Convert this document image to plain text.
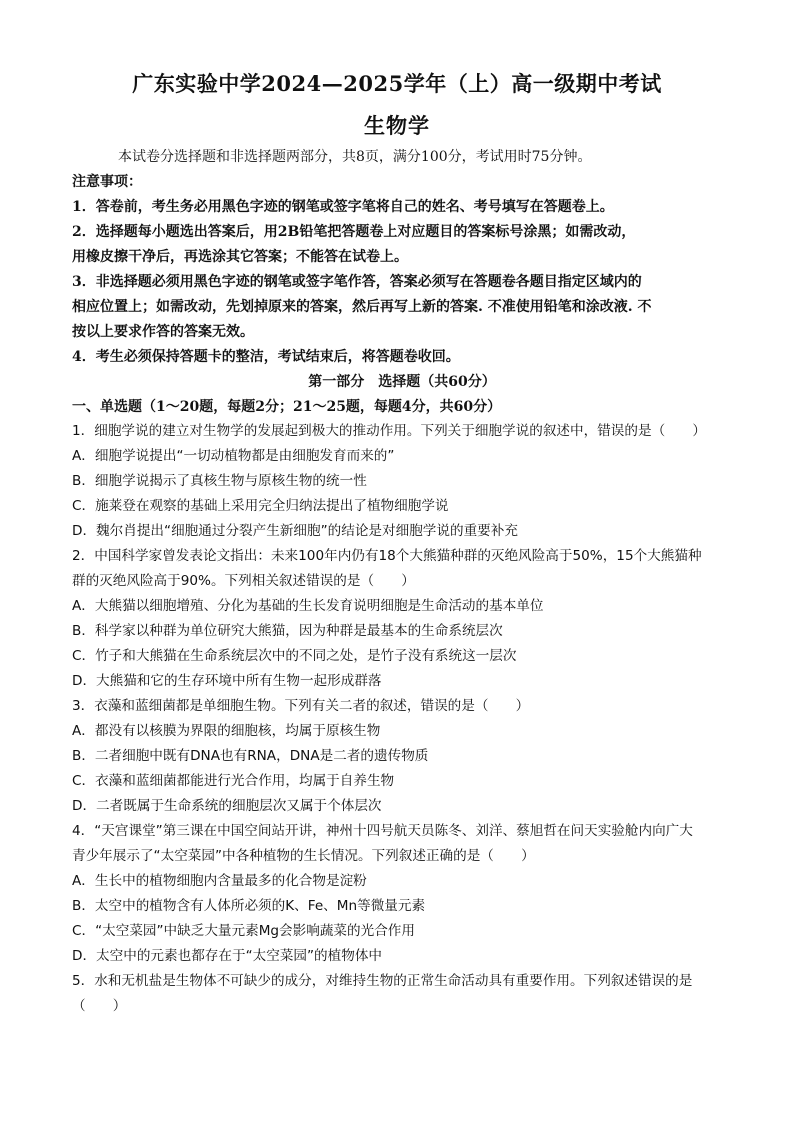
广东实验中学2024—2025学年（上）高一级期中考试
生物学
本试卷分选择题和非选择题两部分，共8页，满分100分，考试用时75分钟。
注意事项：
1．答卷前，考生务必用黑色字迹的钢笔或签字笔将自己的姓名、考号填写在答题卷上。
2．选择题每小题选出答案后，用2B铅笔把答题卷上对应题目的答案标号涂黑；如需改动，
用橡皮擦干净后，再选涂其它答案；不能答在试卷上。
3．非选择题必须用黑色字迹的钢笔或签字笔作答，答案必须写在答题卷各题目指定区域内的
相应位置上；如需改动，先划掉原来的答案，然后再写上新的答案. 不准使用铅笔和涂改液. 不
按以上要求作答的答案无效。
4．考生必须保持答题卡的整洁，考试结束后，将答题卷收回。
第一部分　选择题（共60分）
一、单选题（1～20题，每题2分；21～25题，每题4分，共60分）
1．细胞学说的建立对生物学的发展起到极大的推动作用。下列关于细胞学说的叙述中，错误的是（　　）
A．细胞学说提出“一切动植物都是由细胞发育而来的”
B．细胞学说揭示了真核生物与原核生物的统一性
C．施莱登在观察的基础上采用完全归纳法提出了植物细胞学说
D．魏尔肖提出“细胞通过分裂产生新细胞”的结论是对细胞学说的重要补充
2．中国科学家曾发表论文指出：未来100年内仍有18个大熊猫种群的灭绝风险高于50%，15个大熊猫种
群的灭绝风险高于90%。下列相关叙述错误的是（　　）
A．大熊猫以细胞增殖、分化为基础的生长发育说明细胞是生命活动的基本单位
B．科学家以种群为单位研究大熊猫，因为种群是最基本的生命系统层次
C．竹子和大熊猫在生命系统层次中的不同之处，是竹子没有系统这一层次
D．大熊猫和它的生存环境中所有生物一起形成群落
3．衣藻和蓝细菌都是单细胞生物。下列有关二者的叙述，错误的是（　　）
A．都没有以核膜为界限的细胞核，均属于原核生物
B．二者细胞中既有DNA也有RNA，DNA是二者的遗传物质
C．衣藻和蓝细菌都能进行光合作用，均属于自养生物
D．二者既属于生命系统的细胞层次又属于个体层次
4．“天宫课堂”第三课在中国空间站开讲，神州十四号航天员陈冬、刘洋、蔡旭哲在问天实验舱内向广大
青少年展示了“太空菜园”中各种植物的生长情况。下列叙述正确的是（　　）
A．生长中的植物细胞内含量最多的化合物是淀粉
B．太空中的植物含有人体所必须的K、Fe、Mn等微量元素
C．“太空菜园”中缺乏大量元素Mg会影响蔬菜的光合作用
D．太空中的元素也都存在于“太空菜园”的植物体中
5．水和无机盐是生物体不可缺少的成分，对维持生物的正常生命活动具有重要作用。下列叙述错误的是
（　　）
